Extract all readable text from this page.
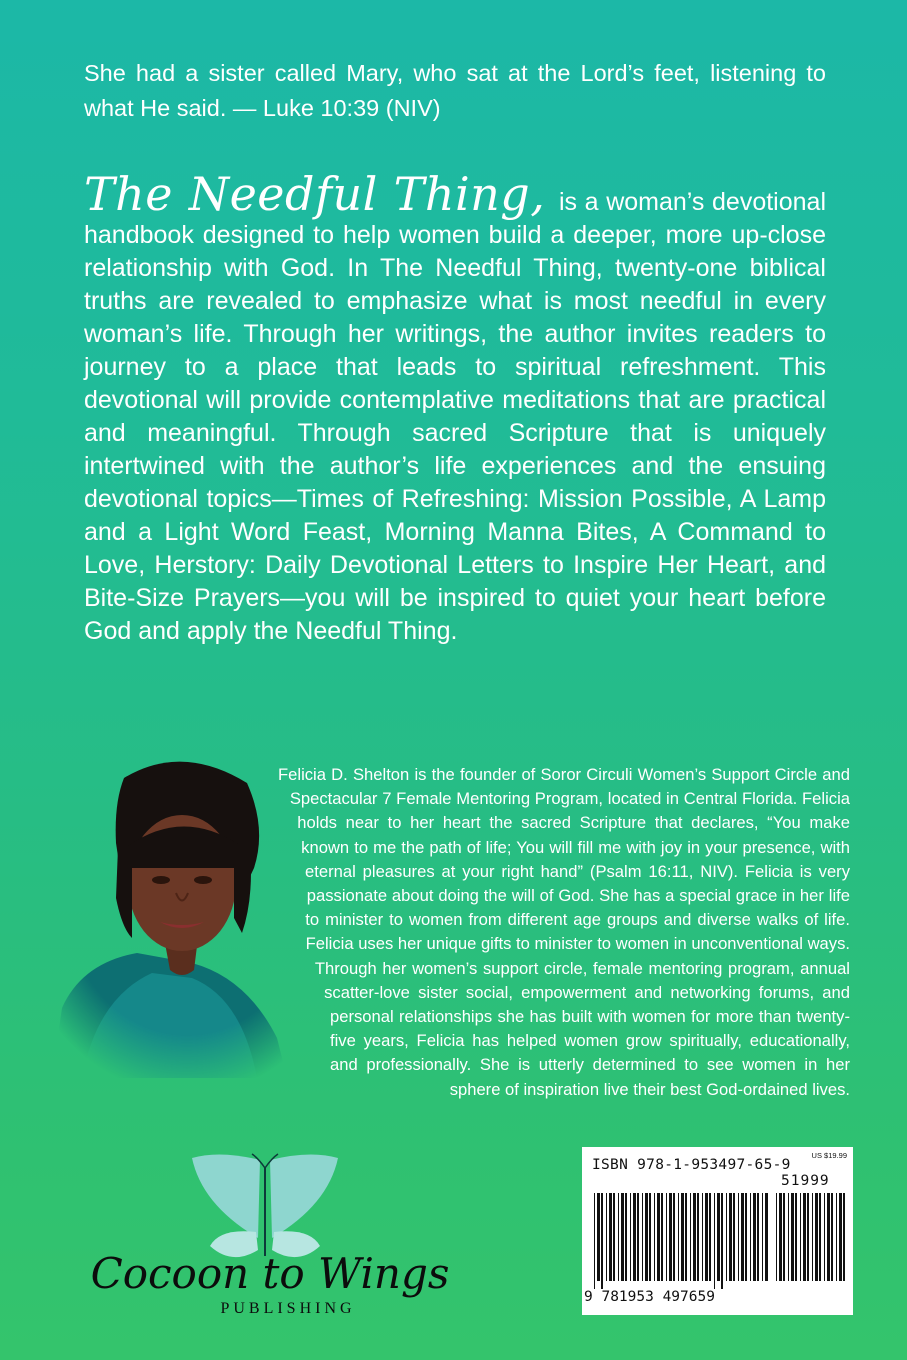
She had a sister called Mary, who sat at the Lord’s feet, listening to what He said. — Luke 10:39 (NIV)

The Needful Thing, is a woman’s devotional handbook designed to help women build a deeper, more up-close relationship with God. In The Needful Thing, twenty-one biblical truths are revealed to emphasize what is most needful in every woman’s life. Through her writings, the author invites readers to journey to a place that leads to spiritual refreshment. This devotional will provide contemplative meditations that are practical and meaningful. Through sacred Scripture that is uniquely intertwined with the author’s life experiences and the ensuing devotional topics—Times of Refreshing: Mission Possible, A Lamp and a Light Word Feast, Morning Manna Bites, A Command to Love, Herstory: Daily Devotional Letters to Inspire Her Heart, and Bite-Size Prayers—you will be inspired to quiet your heart before God and apply the Needful Thing.

Felicia D. Shelton is the founder of Soror Circuli Women’s Support Circle and Spectacular 7 Female Mentoring Program, located in Central Florida. Felicia holds near to her heart the sacred Scripture that declares, “You make known to me the path of life; You will fill me with joy in your presence, with eternal pleasures at your right hand” (Psalm 16:11, NIV). Felicia is very passionate about doing the will of God. She has a special grace in her life to minister to women from different age groups and diverse walks of life. Felicia uses her unique gifts to minister to women in unconventional ways. Through her women’s support circle, female mentoring program, annual scatter-love sister social, empowerment and networking forums, and personal relationships she has built with women for more than twenty-five years, Felicia has helped women grow spiritually, educationally, and professionally. She is utterly determined to see women in her sphere of inspiration live their best God-ordained lives.
Cocoon to Wings
PUBLISHING
US $19.99
ISBN 978-1-953497-65-9
51999
9 781953 497659
